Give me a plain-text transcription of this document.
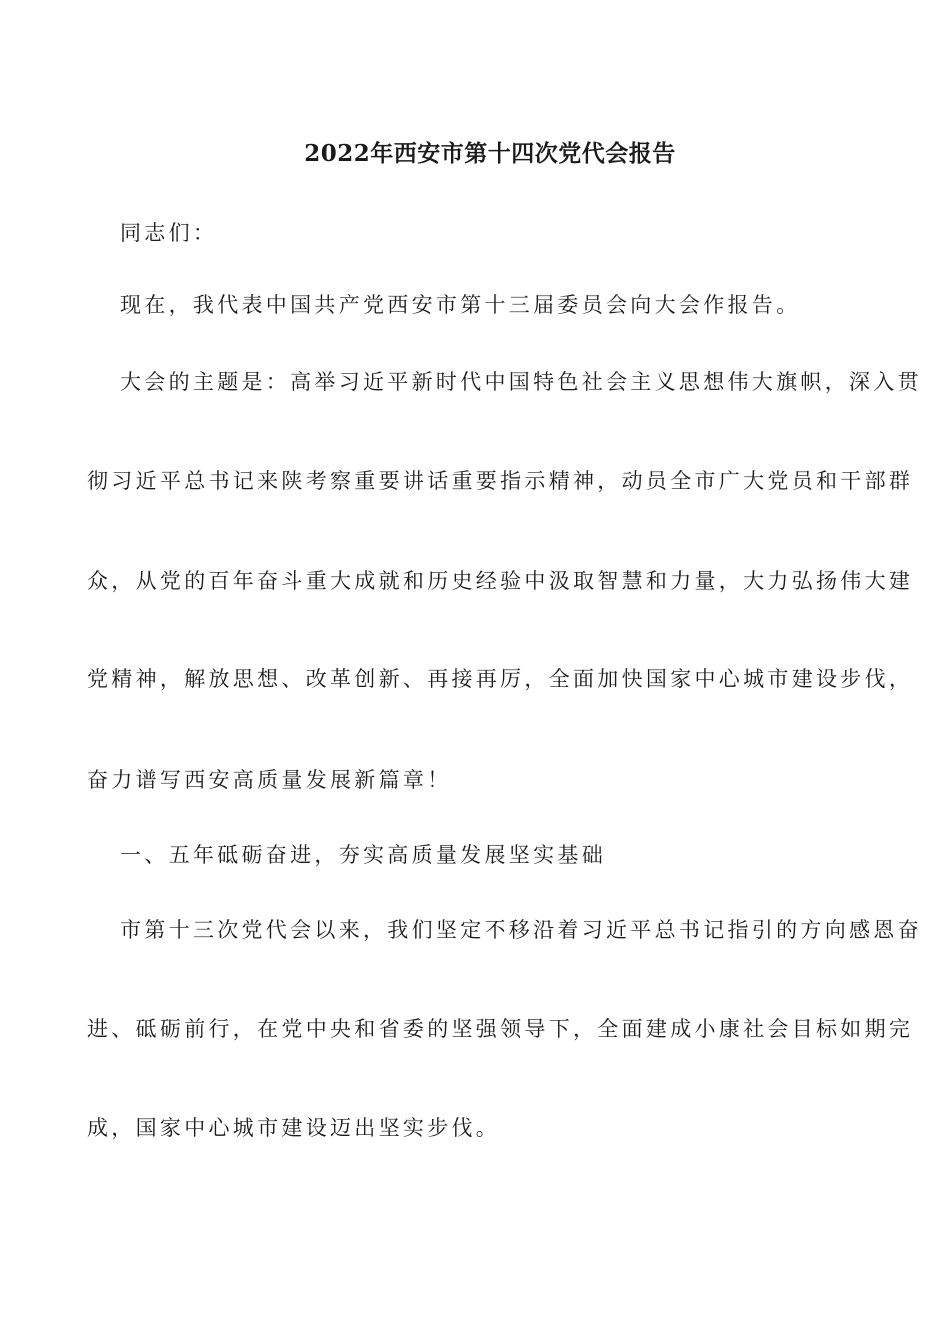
2022年西安市第十四次党代会报告
同志们：
现在，我代表中国共产党西安市第十三届委员会向大会作报告。
大会的主题是：高举习近平新时代中国特色社会主义思想伟大旗帜，深入贯
彻习近平总书记来陕考察重要讲话重要指示精神，动员全市广大党员和干部群
众，从党的百年奋斗重大成就和历史经验中汲取智慧和力量，大力弘扬伟大建
党精神，解放思想、改革创新、再接再厉，全面加快国家中心城市建设步伐，
奋力谱写西安高质量发展新篇章！
一、五年砥砺奋进，夯实高质量发展坚实基础
市第十三次党代会以来，我们坚定不移沿着习近平总书记指引的方向感恩奋
进、砥砺前行，在党中央和省委的坚强领导下，全面建成小康社会目标如期完
成，国家中心城市建设迈出坚实步伐。
